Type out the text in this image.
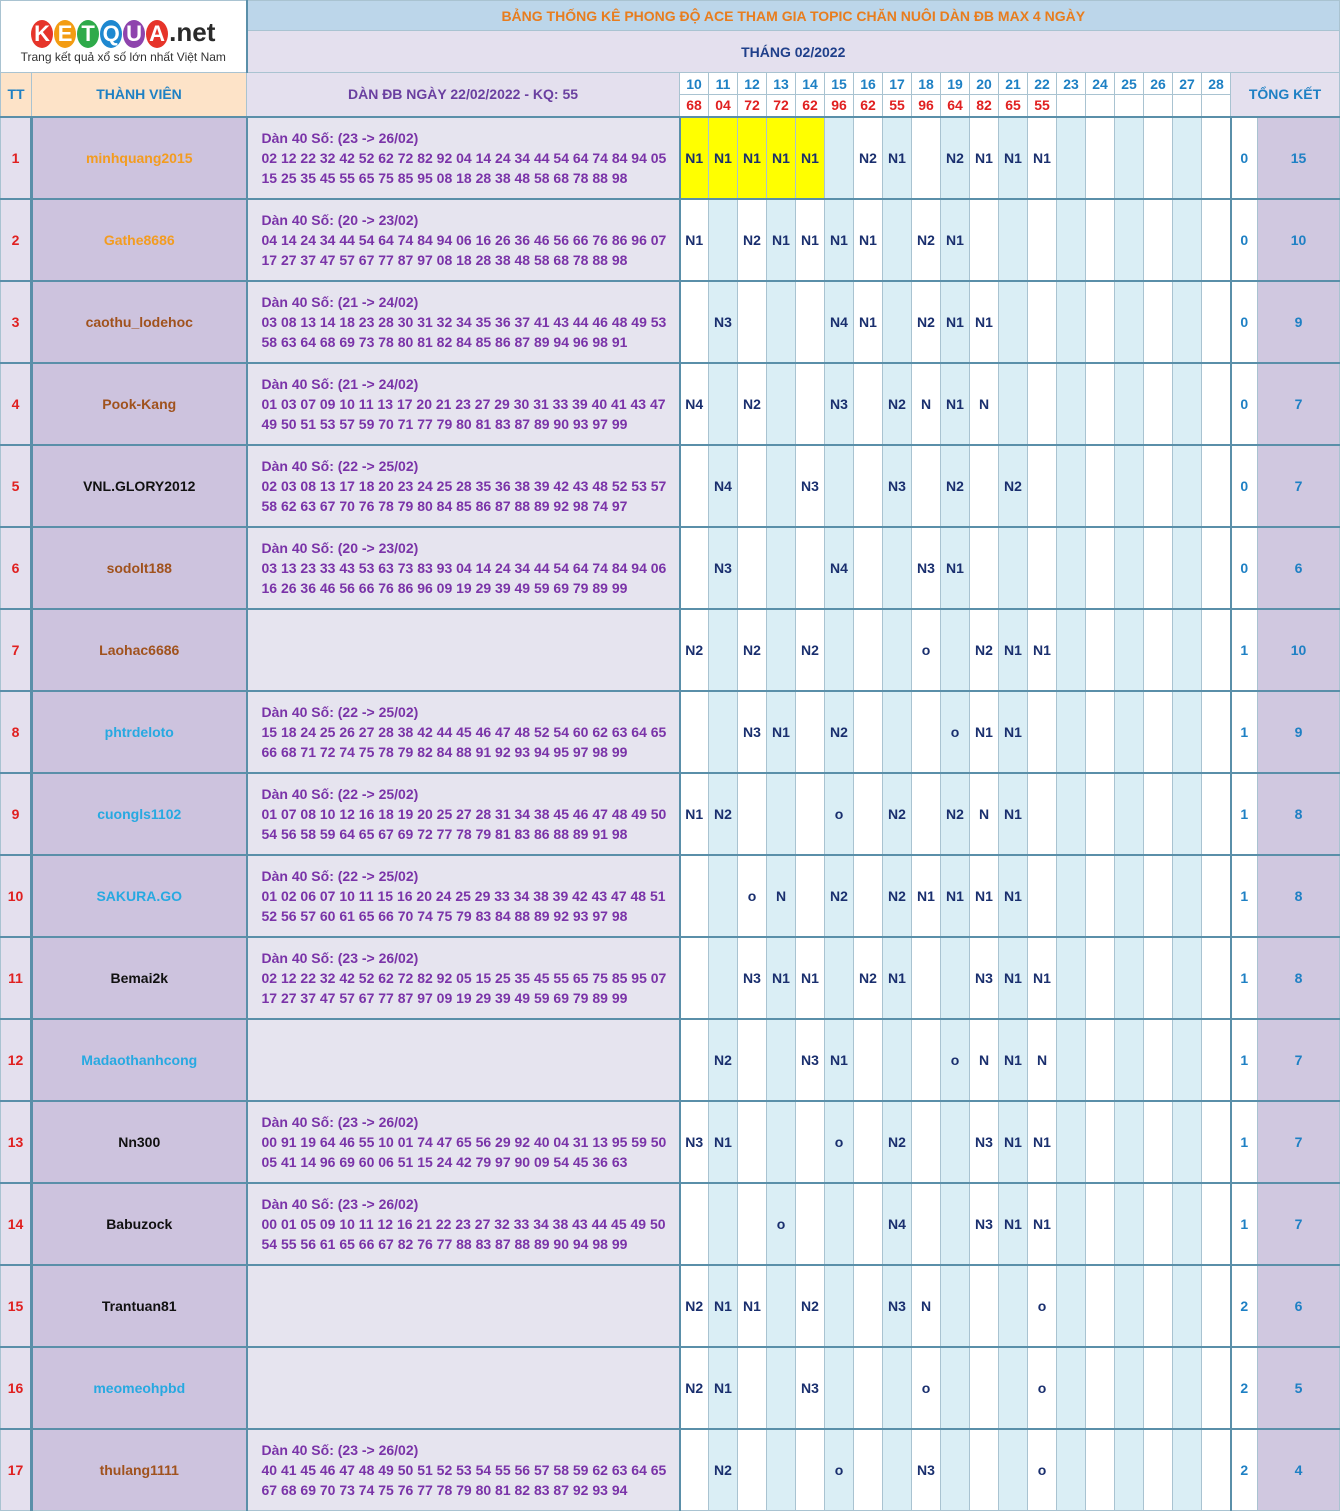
K E T Q U A .net
Trang kết quả xổ số lớn nhất Việt Nam		BẢNG THỐNG KÊ PHONG ĐỘ ACE THAM GIA TOPIC CHĂN NUÔI DÀN ĐB MAX 4 NGÀY																					
		THÁNG 02/2022																					
TT	THÀNH VIÊN	DÀN ĐB NGÀY 22/02/2022 - KQ: 55	10	11	12	13	14	15	16	17	18	19	20	21	22	23	24	25	26	27	28	TỔNG KẾT	
			68	04	72	72	62	96	62	55	96	64	82	65	55								
1	minhquang2015	Dàn 40 Số: (23 -> 26/02)
02 12 22 32 42 52 62 72 82 92 04 14 24 34 44 54 64 74 84 94 05
15 25 35 45 55 65 75 85 95 08 18 28 38 48 58 68 78 88 98	N1	N1	N1	N1	N1		N2	N1		N2	N1	N1	N1							0	15
2	Gathe8686	Dàn 40 Số: (20 -> 23/02)
04 14 24 34 44 54 64 74 84 94 06 16 26 36 46 56 66 76 86 96 07
17 27 37 47 57 67 77 87 97 08 18 28 38 48 58 68 78 88 98	N1		N2	N1	N1	N1	N1		N2	N1										0	10
3	caothu_lodehoc	Dàn 40 Số: (21 -> 24/02)
03 08 13 14 18 23 28 30 31 32 34 35 36 37 41 43 44 46 48 49 53
58 63 64 68 69 73 78 80 81 82 84 85 86 87 89 94 96 98 91		N3				N4	N1		N2	N1	N1									0	9
4	Pook-Kang	Dàn 40 Số: (21 -> 24/02)
01 03 07 09 10 11 13 17 20 21 23 27 29 30 31 33 39 40 41 43 47
49 50 51 53 57 59 70 71 77 79 80 81 83 87 89 90 93 97 99	N4		N2			N3		N2	N	N1	N									0	7
5	VNL.GLORY2012	Dàn 40 Số: (22 -> 25/02)
02 03 08 13 17 18 20 23 24 25 28 35 36 38 39 42 43 48 52 53 57
58 62 63 67 70 76 78 79 80 84 85 86 87 88 89 92 98 74 97		N4			N3			N3		N2		N2								0	7
6	sodolt188	Dàn 40 Số: (20 -> 23/02)
03 13 23 33 43 53 63 73 83 93 04 14 24 34 44 54 64 74 84 94 06
16 26 36 46 56 66 76 86 96 09 19 29 39 49 59 69 79 89 99		N3				N4			N3	N1										0	6
7	Laohac6686		N2		N2		N2				o		N2	N1	N1							1	10
8	phtrdeloto	Dàn 40 Số: (22 -> 25/02)
15 18 24 25 26 27 28 38 42 44 45 46 47 48 52 54 60 62 63 64 65
66 68 71 72 74 75 78 79 82 84 88 91 92 93 94 95 97 98 99			N3	N1		N2				o	N1	N1								1	9
9	cuongls1102	Dàn 40 Số: (22 -> 25/02)
01 07 08 10 12 16 18 19 20 25 27 28 31 34 38 45 46 47 48 49 50
54 56 58 59 64 65 67 69 72 77 78 79 81 83 86 88 89 91 98	N1	N2				o		N2		N2	N	N1								1	8
10	SAKURA.GO	Dàn 40 Số: (22 -> 25/02)
01 02 06 07 10 11 15 16 20 24 25 29 33 34 38 39 42 43 47 48 51
52 56 57 60 61 65 66 70 74 75 79 83 84 88 89 92 93 97 98			o	N		N2		N2	N1	N1	N1	N1								1	8
11	Bemai2k	Dàn 40 Số: (23 -> 26/02)
02 12 22 32 42 52 62 72 82 92 05 15 25 35 45 55 65 75 85 95 07
17 27 37 47 57 67 77 87 97 09 19 29 39 49 59 69 79 89 99			N3	N1	N1		N2	N1			N3	N1	N1							1	8
12	Madaothanhcong			N2			N3	N1				o	N	N1	N							1	7
13	Nn300	Dàn 40 Số: (23 -> 26/02)
00 91 19 64 46 55 10 01 74 47 65 56 29 92 40 04 31 13 95 59 50
05 41 14 96 69 60 06 51 15 24 42 79 97 90 09 54 45 36 63	N3	N1				o		N2			N3	N1	N1							1	7
14	Babuzock	Dàn 40 Số: (23 -> 26/02)
00 01 05 09 10 11 12 16 21 22 23 27 32 33 34 38 43 44 45 49 50
54 55 56 61 65 66 67 82 76 77 88 83 87 88 89 90 94 98 99				o				N4			N3	N1	N1							1	7
15	Trantuan81		N2	N1	N1		N2			N3	N				o							2	6
16	meomeohpbd		N2	N1			N3				o				o							2	5
17	thulang1111	Dàn 40 Số: (23 -> 26/02)
40 41 45 46 47 48 49 50 51 52 53 54 55 56 57 58 59 62 63 64 65
67 68 69 70 73 74 75 76 77 78 79 80 81 82 83 87 92 93 94		N2				o			N3				o							2	4
